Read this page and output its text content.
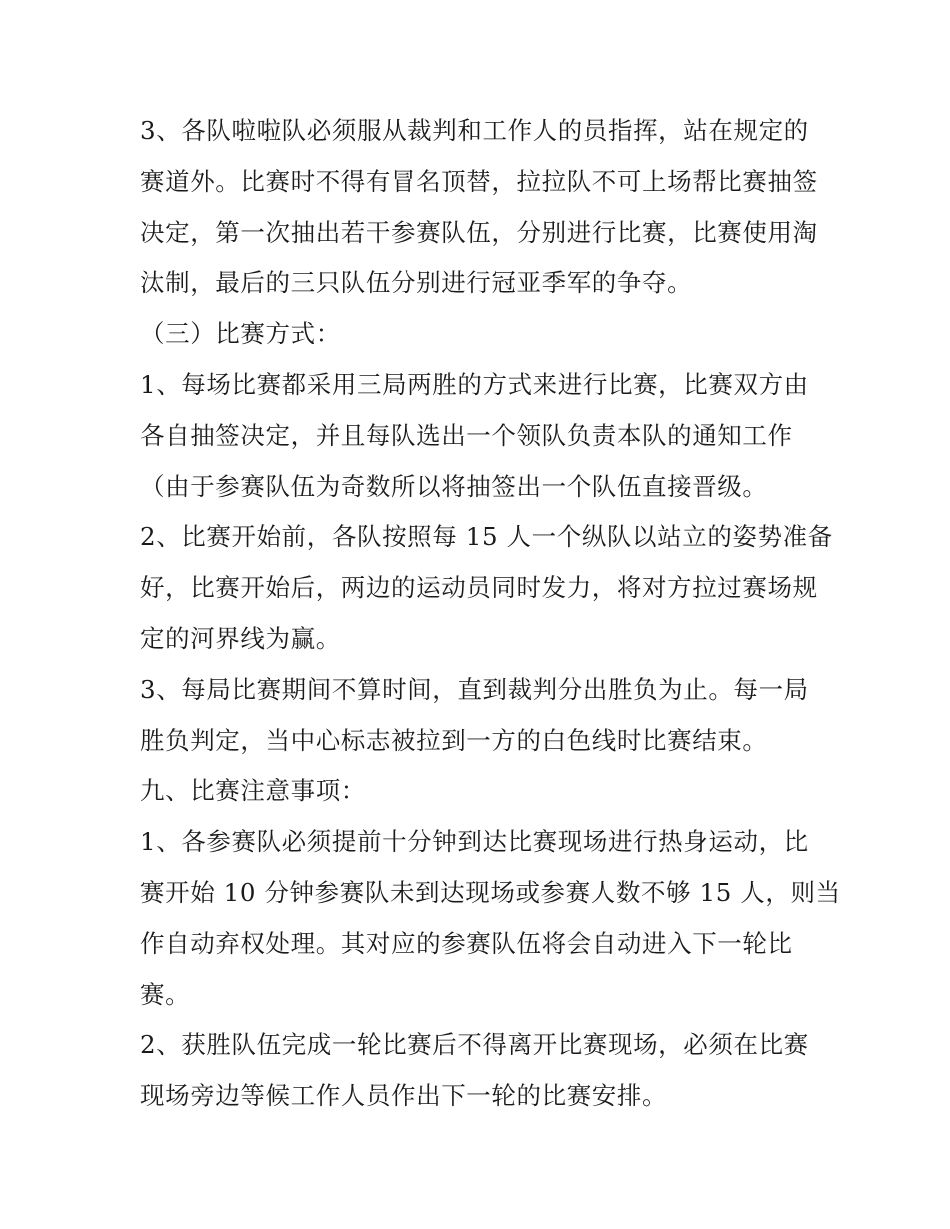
3、各队啦啦队必须服从裁判和工作人的员指挥，站在规定的
赛道外。比赛时不得有冒名顶替，拉拉队不可上场帮比赛抽签
决定，第一次抽出若干参赛队伍，分别进行比赛，比赛使用淘
汰制，最后的三只队伍分别进行冠亚季军的争夺。
（三）比赛方式：
1、每场比赛都采用三局两胜的方式来进行比赛，比赛双方由
各自抽签决定，并且每队选出一个领队负责本队的通知工作
（由于参赛队伍为奇数所以将抽签出一个队伍直接晋级。
2、比赛开始前，各队按照每 15 人一个纵队以站立的姿势准备
好，比赛开始后，两边的运动员同时发力，将对方拉过赛场规
定的河界线为赢。
3、每局比赛期间不算时间，直到裁判分出胜负为止。每一局
胜负判定，当中心标志被拉到一方的白色线时比赛结束。
九、比赛注意事项：
1、各参赛队必须提前十分钟到达比赛现场进行热身运动，比
赛开始 10 分钟参赛队未到达现场或参赛人数不够 15 人，则当
作自动弃权处理。其对应的参赛队伍将会自动进入下一轮比
赛。
2、获胜队伍完成一轮比赛后不得离开比赛现场，必须在比赛
现场旁边等候工作人员作出下一轮的比赛安排。
